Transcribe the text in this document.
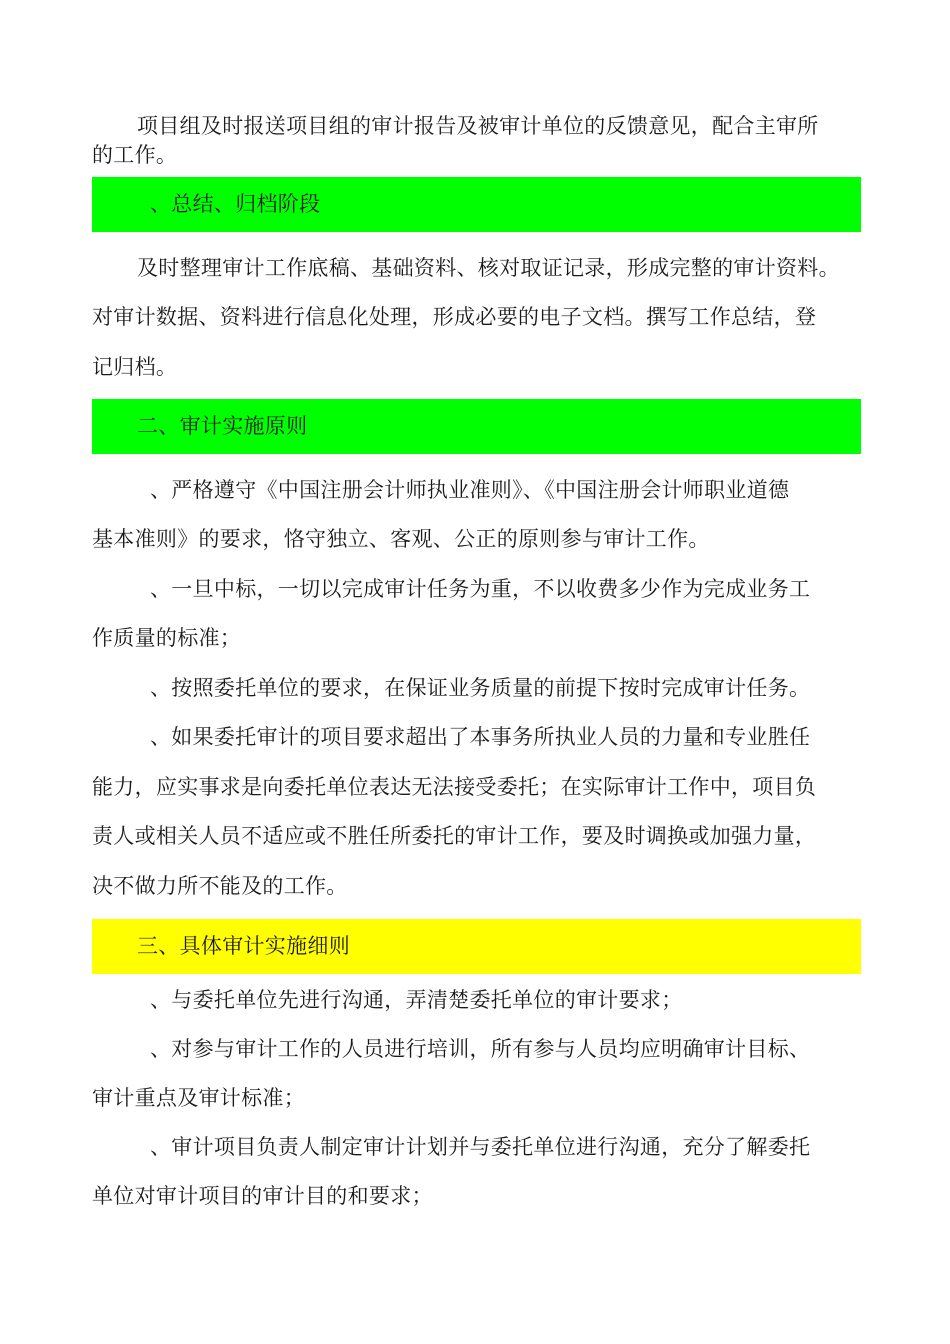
项目组及时报送项目组的审计报告及被审计单位的反馈意见，配合主审所
的工作。
、总结、归档阶段
及时整理审计工作底稿、基础资料、核对取证记录，形成完整的审计资料。
对审计数据、资料进行信息化处理，形成必要的电子文档。撰写工作总结，登
记归档。
二、审计实施原则
、严格遵守《中国注册会计师执业准则》、《中国注册会计师职业道德
基本准则》的要求，恪守独立、客观、公正的原则参与审计工作。
、一旦中标，一切以完成审计任务为重，不以收费多少作为完成业务工
作质量的标准；
、按照委托单位的要求，在保证业务质量的前提下按时完成审计任务。
、如果委托审计的项目要求超出了本事务所执业人员的力量和专业胜任
能力，应实事求是向委托单位表达无法接受委托；在实际审计工作中，项目负
责人或相关人员不适应或不胜任所委托的审计工作，要及时调换或加强力量，
决不做力所不能及的工作。
三、具体审计实施细则
、与委托单位先进行沟通，弄清楚委托单位的审计要求；
、对参与审计工作的人员进行培训，所有参与人员均应明确审计目标、
审计重点及审计标准；
、审计项目负责人制定审计计划并与委托单位进行沟通，充分了解委托
单位对审计项目的审计目的和要求；
